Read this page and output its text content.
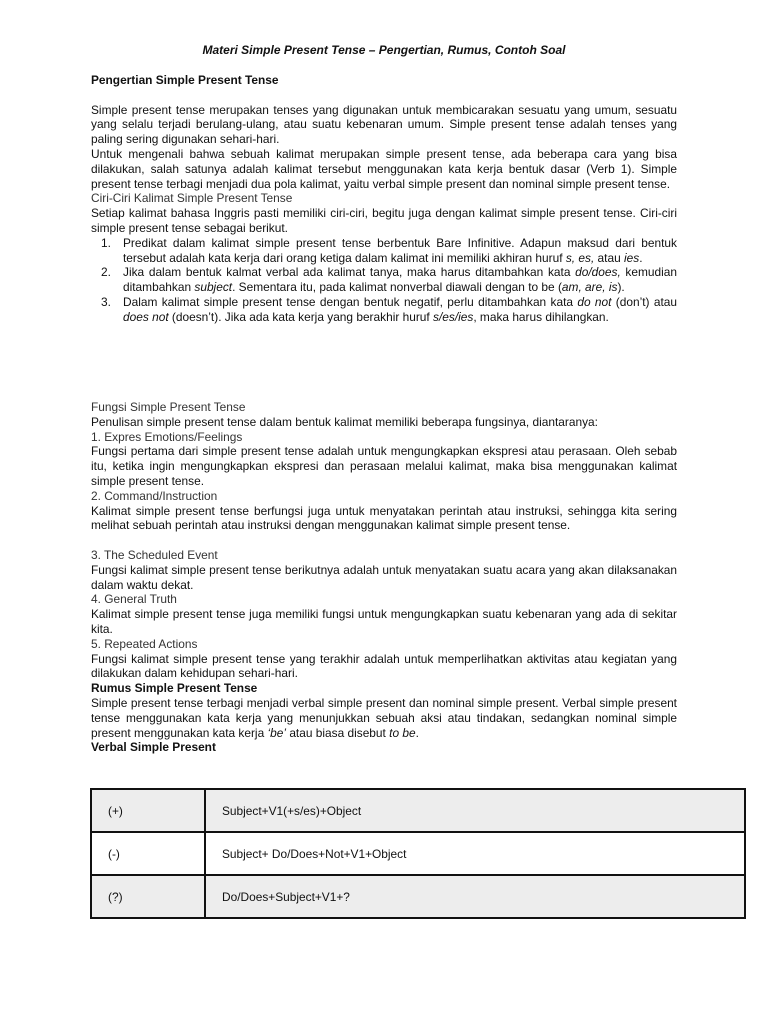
Materi Simple Present Tense – Pengertian, Rumus, Contoh Soal

Pengertian Simple Present Tense

Simple present tense merupakan tenses yang digunakan untuk membicarakan sesuatu yang umum, sesuatu yang selalu terjadi berulang-ulang, atau suatu kebenaran umum. Simple present tense adalah tenses yang paling sering digunakan sehari-hari.

Untuk mengenali bahwa sebuah kalimat merupakan simple present tense, ada beberapa cara yang bisa dilakukan, salah satunya adalah kalimat tersebut menggunakan kata kerja bentuk dasar (Verb 1). Simple present tense terbagi menjadi dua pola kalimat, yaitu verbal simple present dan nominal simple present tense.

Ciri-Ciri Kalimat Simple Present Tense

Setiap kalimat bahasa Inggris pasti memiliki ciri-ciri, begitu juga dengan kalimat simple present tense. Ciri-ciri simple present tense sebagai berikut.

1. Predikat dalam kalimat simple present tense berbentuk Bare Infinitive. Adapun maksud dari bentuk tersebut adalah kata kerja dari orang ketiga dalam kalimat ini memiliki akhiran huruf s, es, atau ies.
2. Jika dalam bentuk kalmat verbal ada kalimat tanya, maka harus ditambahkan kata do/does, kemudian ditambahkan subject. Sementara itu, pada kalimat nonverbal diawali dengan to be (am, are, is).
3. Dalam kalimat simple present tense dengan bentuk negatif, perlu ditambahkan kata do not (don’t) atau does not (doesn’t). Jika ada kata kerja yang berakhir huruf s/es/ies, maka harus dihilangkan.

Fungsi Simple Present Tense

Penulisan simple present tense dalam bentuk kalimat memiliki beberapa fungsinya, diantaranya:

1. Expres Emotions/Feelings

Fungsi pertama dari simple present tense adalah untuk mengungkapkan ekspresi atau perasaan. Oleh sebab itu, ketika ingin mengungkapkan ekspresi dan perasaan melalui kalimat, maka bisa menggunakan kalimat simple present tense.

2. Command/Instruction

Kalimat simple present tense berfungsi juga untuk menyatakan perintah atau instruksi, sehingga kita sering melihat sebuah perintah atau instruksi dengan menggunakan kalimat simple present tense.

3. The Scheduled Event

Fungsi kalimat simple present tense berikutnya adalah untuk menyatakan suatu acara yang akan dilaksanakan dalam waktu dekat.

4. General Truth

Kalimat simple present tense juga memiliki fungsi untuk mengungkapkan suatu kebenaran yang ada di sekitar kita.

5. Repeated Actions

Fungsi kalimat simple present tense yang terakhir adalah untuk memperlihatkan aktivitas atau kegiatan yang dilakukan dalam kehidupan sehari-hari.

Rumus Simple Present Tense

Simple present tense terbagi menjadi verbal simple present dan nominal simple present. Verbal simple present tense menggunakan kata kerja yang menunjukkan sebuah aksi atau tindakan, sedangkan nominal simple present menggunakan kata kerja ‘be’ atau biasa disebut to be.

Verbal Simple Present

(+)	Subject+V1(+s/es)+Object
(-)	Subject+ Do/Does+Not+V1+Object
(?)	Do/Does+Subject+V1+?
